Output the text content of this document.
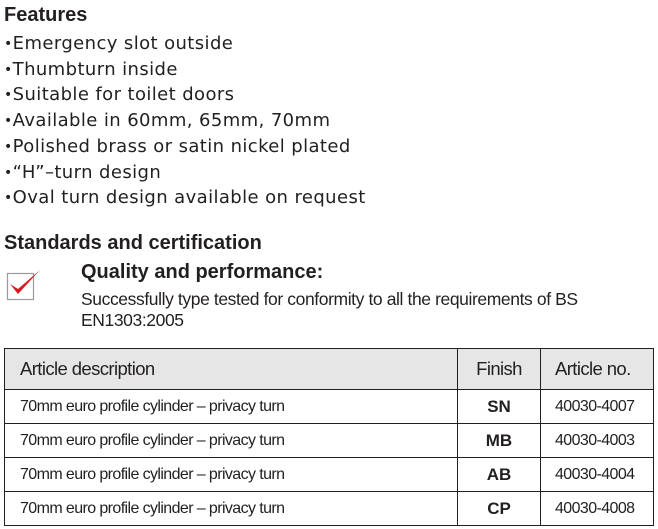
Features
•Emergency slot outside
•Thumbturn inside
•Suitable for toilet doors
•Available in 60mm, 65mm, 70mm
•Polished brass or satin nickel plated
•“H”–turn design
•Oval turn design available on request
Standards and certification
Quality and performance:

Successfully type tested for conformity to all the requirements of BS EN1303:2005

Article description	Finish	Article no.
70mm euro profile cylinder – privacy turn	SN	40030-4007
70mm euro profile cylinder – privacy turn	MB	40030-4003
70mm euro profile cylinder – privacy turn	AB	40030-4004
70mm euro profile cylinder – privacy turn	CP	40030-4008
